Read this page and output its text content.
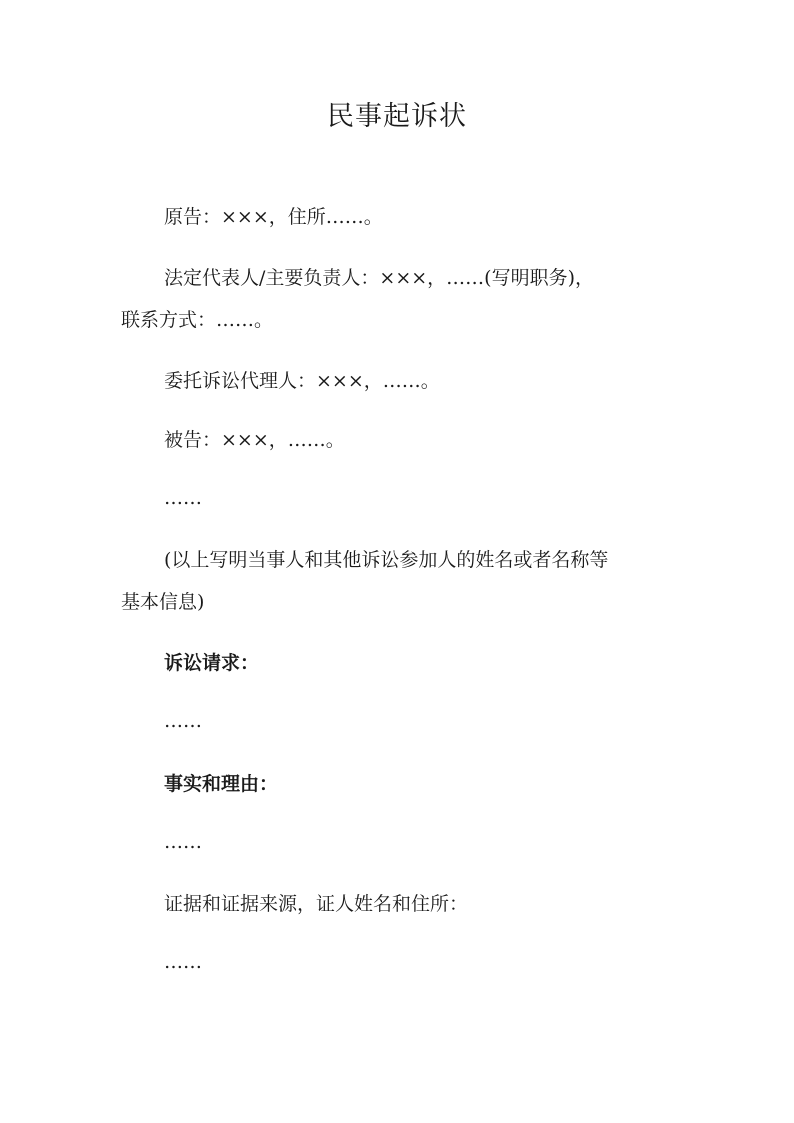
民事起诉状
原告：×××，住所……。
法定代表人/主要负责人：×××，……(写明职务)，
联系方式：……。
委托诉讼代理人：×××，……。
被告：×××，……。
……
(以上写明当事人和其他诉讼参加人的姓名或者名称等
基本信息)
诉讼请求：
……
事实和理由：
……
证据和证据来源，证人姓名和住所：
……
